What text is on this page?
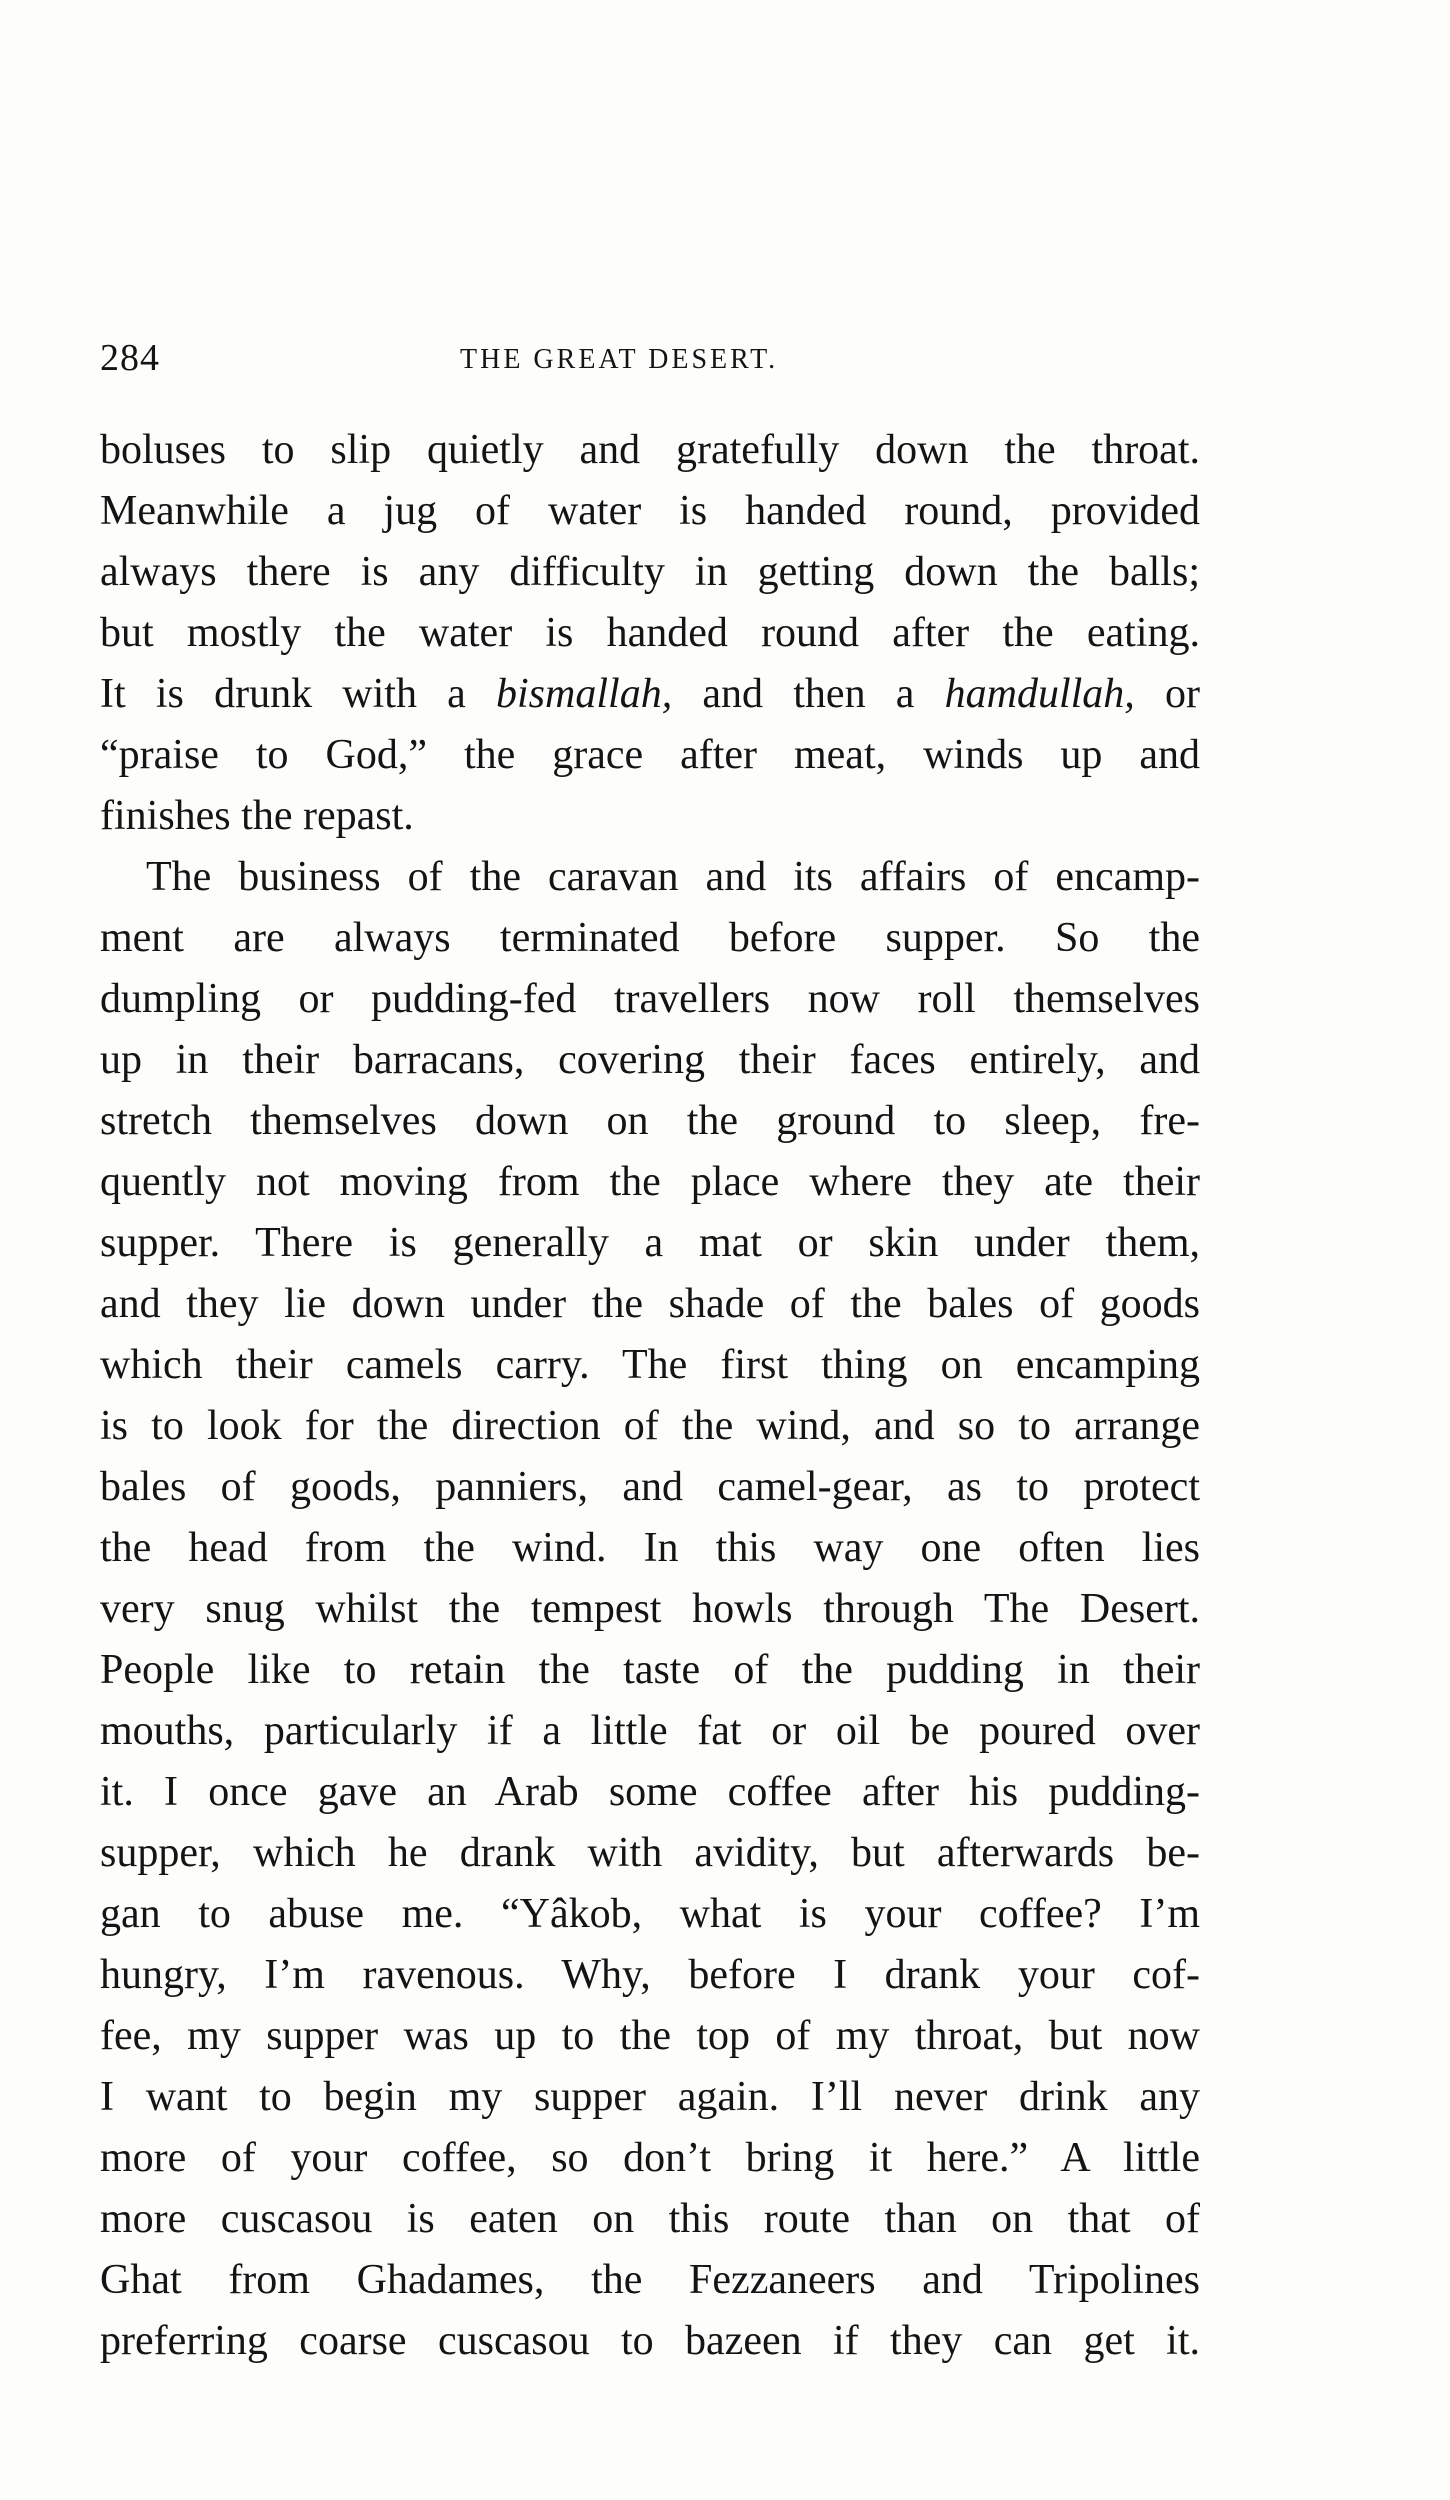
284	THE GREAT DESERT.
boluses to slip quietly and gratefully down the throat.
Meanwhile a jug of water is handed round, provided
always there is any difficulty in getting down the balls;
but mostly the water is handed round after the eating.
It is drunk with a bismallah, and then a hamdullah, or
“praise to God,” the grace after meat, winds up and
finishes the repast.
The business of the caravan and its affairs of encamp-
ment are always terminated before supper. So the
dumpling or pudding-fed travellers now roll themselves
up in their barracans, covering their faces entirely, and
stretch themselves down on the ground to sleep, fre-
quently not moving from the place where they ate their
supper. There is generally a mat or skin under them,
and they lie down under the shade of the bales of goods
which their camels carry. The first thing on encamping
is to look for the direction of the wind, and so to arrange
bales of goods, panniers, and camel-gear, as to protect
the head from the wind. In this way one often lies
very snug whilst the tempest howls through The Desert.
People like to retain the taste of the pudding in their
mouths, particularly if a little fat or oil be poured over
it. I once gave an Arab some coffee after his pudding-
supper, which he drank with avidity, but afterwards be-
gan to abuse me. “Yâkob, what is your coffee? I’m
hungry, I’m ravenous. Why, before I drank your cof-
fee, my supper was up to the top of my throat, but now
I want to begin my supper again. I’ll never drink any
more of your coffee, so don’t bring it here.” A little
more cuscasou is eaten on this route than on that of
Ghat from Ghadames, the Fezzaneers and Tripolines
preferring coarse cuscasou to bazeen if they can get it.
